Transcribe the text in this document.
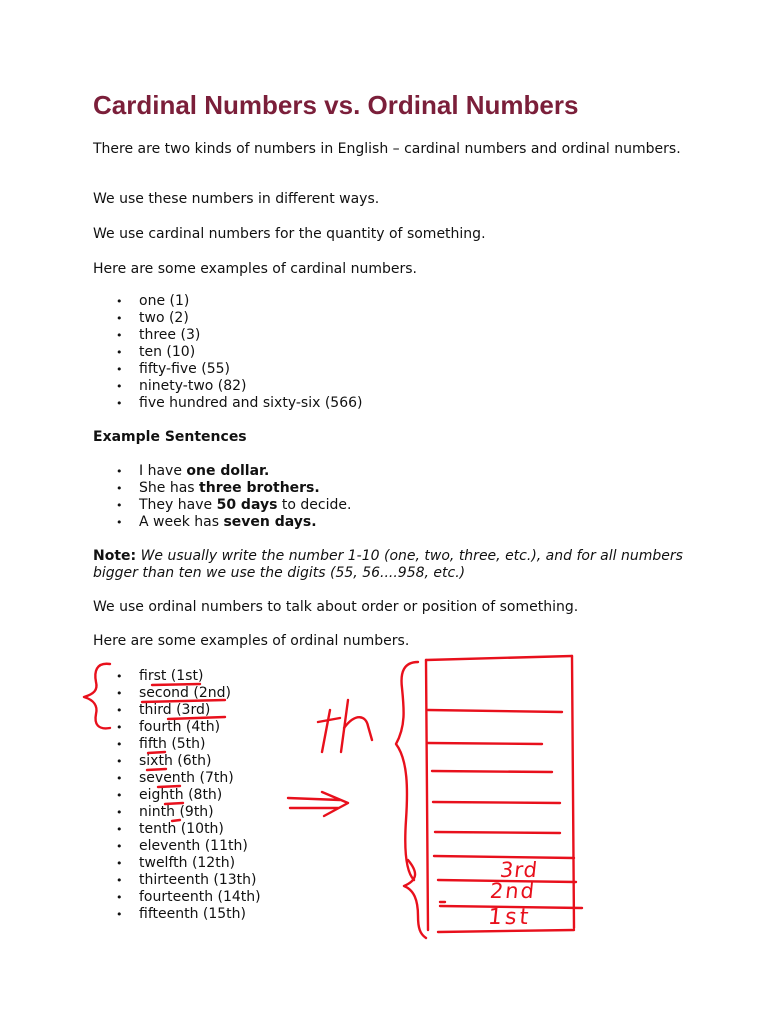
Cardinal Numbers vs. Ordinal Numbers

There are two kinds of numbers in English – cardinal numbers and ordinal numbers.

We use these numbers in different ways.

We use cardinal numbers for the quantity of something.

Here are some examples of cardinal numbers.

• one (1)
• two (2)
• three (3)
• ten (10)
• fifty-five (55)
• ninety-two (82)
• five hundred and sixty-six (566)

Example Sentences

• I have one dollar.
• She has three brothers.
• They have 50 days to decide.
• A week has seven days.

Note: We usually write the number 1-10 (one, two, three, etc.), and for all numbers bigger than ten we use the digits (55, 56....958, etc.)

We use ordinal numbers to talk about order or position of something.

Here are some examples of ordinal numbers.

• first (1st)
• second (2nd)
• third (3rd)
• fourth (4th)
• fifth (5th)
• sixth (6th)
• seventh (7th)
• eighth (8th)
• ninth (9th)
• tenth (10th)
• eleventh (11th)
• twelfth (12th)
• thirteenth (13th)
• fourteenth (14th)
• fifteenth (15th)
3rd
2nd
1st
